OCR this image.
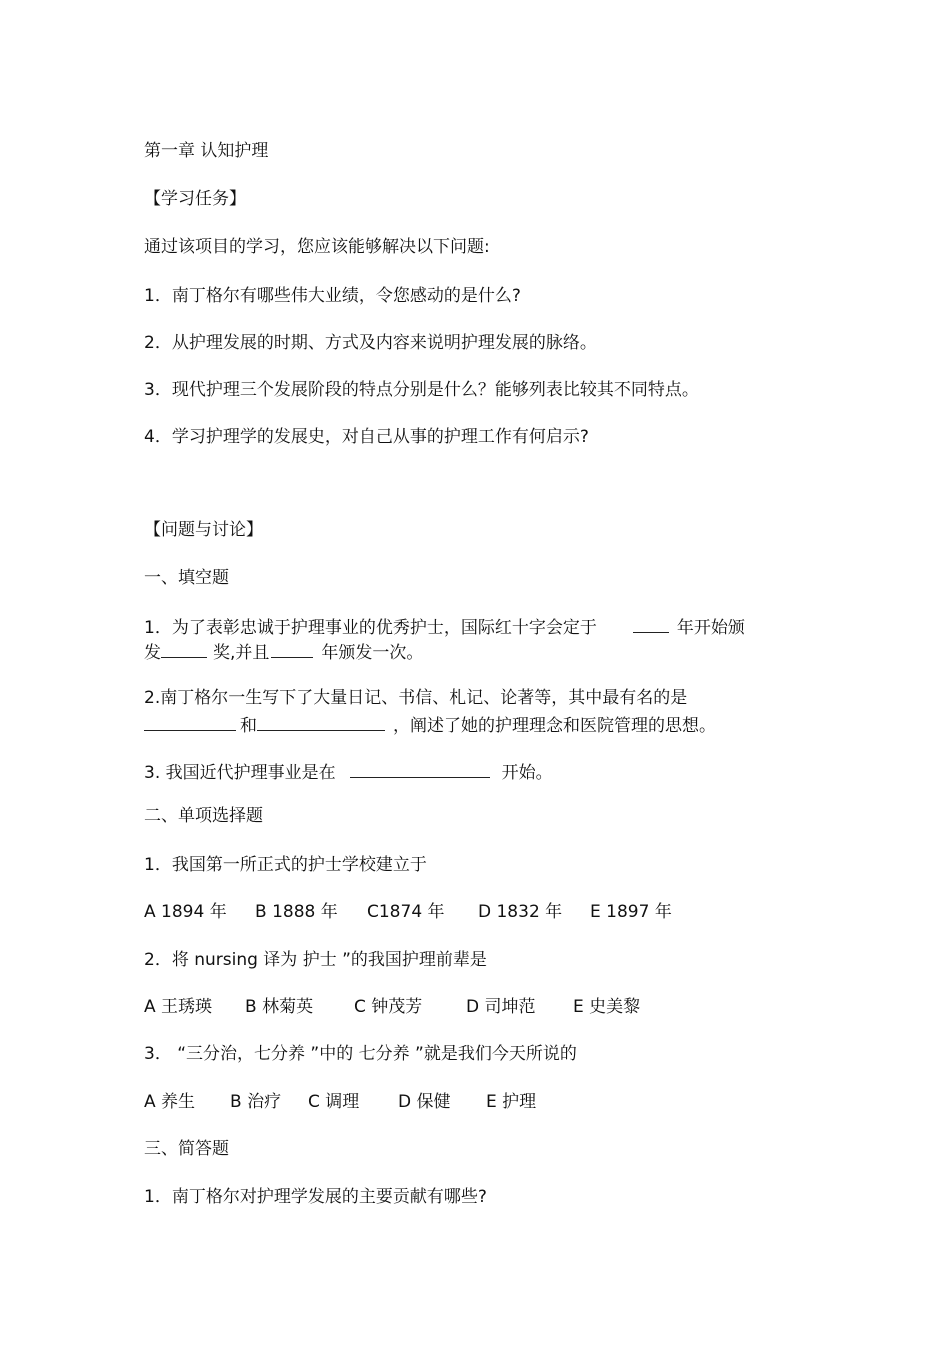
第一章 认知护理
【学习任务】
通过该项目的学习，您应该能够解决以下问题:
1．南丁格尔有哪些伟大业绩，令您感动的是什么?
2．从护理发展的时期、方式及内容来说明护理发展的脉络。
3．现代护理三个发展阶段的特点分别是什么？能够列表比较其不同特点。
4．学习护理学的发展史，对自己从事的护理工作有何启示?
【问题与讨论】
一、填空题
1．为了表彰忠诚于护理事业的优秀护士，国际红十字会定于	年开始颁
发	奖,并且	年颁发一次。
2.南丁格尔一生写下了大量日记、书信、札记、论著等，其中最有名的是
和	，阐述了她的护理理念和医院管理的思想。
3. 我国近代护理事业是在	开始。
二、单项选择题
1．我国第一所正式的护士学校建立于
A 1894 年 B 1888 年 C1874 年 D 1832 年 E 1897 年
2．将 nursing 译为 护士 ”的我国护理前辈是
A 王琇瑛 B 林菊英 C 钟茂芳	D 司坤范 E 史美黎
3． “三分治，七分养 ”中的 七分养 ”就是我们今天所说的
A 养生 B 治疗 C 调理 D 保健 E 护理
三、简答题
1．南丁格尔对护理学发展的主要贡献有哪些?
